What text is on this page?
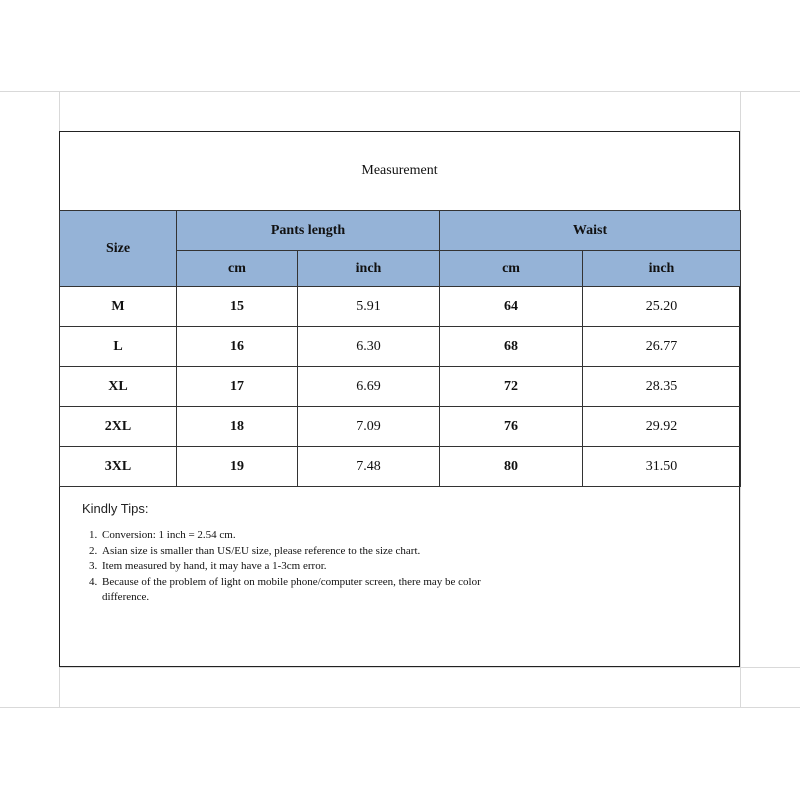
Measurement
Size	Pants length		Waist	
	cm	inch	cm	inch
M	15	5.91	64	25.20
L	16	6.30	68	26.77
XL	17	6.69	72	28.35
2XL	18	7.09	76	29.92
3XL	19	7.48	80	31.50
Kindly Tips:
1. Conversion: 1 inch = 2.54 cm.
2. Asian size is smaller than US/EU size, please reference to the size chart.
3. Item measured by hand, it may have a 1-3cm error.
4. Because of the problem of light on mobile phone/computer screen, there may be color difference.
